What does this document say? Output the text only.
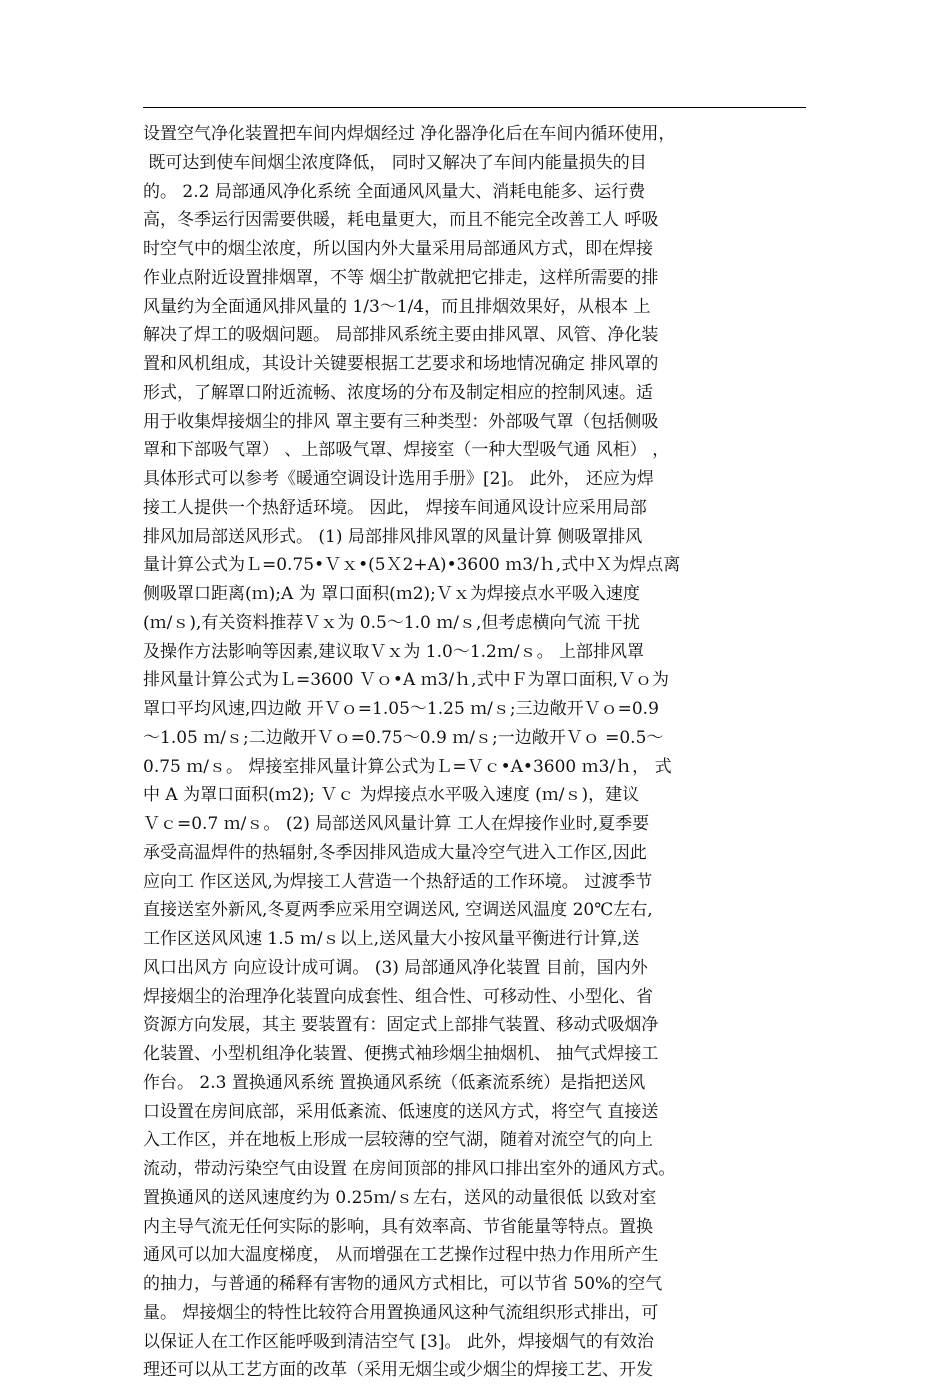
设置空气净化装置把车间内焊烟经过 净化器净化后在车间内循环使用，
既可达到使车间烟尘浓度降低， 同时又解决了车间内能量损失的目
的。 2.2 局部通风净化系统 全面通风风量大、消耗电能多、运行费
高，冬季运行因需要供暖，耗电量更大，而且不能完全改善工人 呼吸
时空气中的烟尘浓度，所以国内外大量采用局部通风方式，即在焊接
作业点附近设置排烟罩，不等 烟尘扩散就把它排走，这样所需要的排
风量约为全面通风排风量的 1/3～1/4，而且排烟效果好，从根本 上
解决了焊工的吸烟问题。 局部排风系统主要由排风罩、风管、净化装
置和风机组成，其设计关键要根据工艺要求和场地情况确定 排风罩的
形式，了解罩口附近流畅、浓度场的分布及制定相应的控制风速。适
用于收集焊接烟尘的排风 罩主要有三种类型：外部吸气罩（包括侧吸
罩和下部吸气罩） 、上部吸气罩、焊接室（一种大型吸气通 风柜） ，
具体形式可以参考《暖通空调设计选用手册》[2]。 此外， 还应为焊
接工人提供一个热舒适环境。 因此， 焊接车间通风设计应采用局部
排风加局部送风形式。 (1) 局部排风排风罩的风量计算 侧吸罩排风
量计算公式为Ｌ=0.75•Ｖｘ•(5Ｘ2+A)•3600 ｍ3/ｈ,式中Ｘ为焊点离
侧吸罩口距离(ｍ);A 为 罩口面积(ｍ2);Ｖｘ为焊接点水平吸入速度
(ｍ/ｓ),有关资料推荐Ｖｘ为 0.5～1.0 ｍ/ｓ,但考虑横向气流 干扰
及操作方法影响等因素,建议取Ｖｘ为 1.0～1.2ｍ/ｓ。 上部排风罩
排风量计算公式为Ｌ=3600 Ｖｏ•A ｍ3/ｈ,式中Ｆ为罩口面积,Ｖｏ为
罩口平均风速,四边敞 开Ｖｏ=1.05～1.25 ｍ/ｓ;三边敞开Ｖｏ=0.9
～1.05 ｍ/ｓ;二边敞开Ｖｏ=0.75～0.9 ｍ/ｓ;一边敞开Ｖｏ =0.5～
0.75 ｍ/ｓ。 焊接室排风量计算公式为Ｌ=Ｖｃ•A•3600 ｍ3/ｈ， 式
中 A 为罩口面积(ｍ2); Ｖｃ 为焊接点水平吸入速度 (ｍ/ｓ)，建议
Ｖｃ=0.7 ｍ/ｓ。 (2) 局部送风风量计算 工人在焊接作业时,夏季要
承受高温焊件的热辐射,冬季因排风造成大量冷空气进入工作区,因此
应向工 作区送风,为焊接工人营造一个热舒适的工作环境。 过渡季节
直接送室外新风,冬夏两季应采用空调送风, 空调送风温度 20℃左右,
工作区送风风速 1.5 ｍ/ｓ以上,送风量大小按风量平衡进行计算,送
风口出风方 向应设计成可调。 (3) 局部通风净化装置 目前，国内外
焊接烟尘的治理净化装置向成套性、组合性、可移动性、小型化、省
资源方向发展，其主 要装置有：固定式上部排气装置、移动式吸烟净
化装置、小型机组净化装置、便携式袖珍烟尘抽烟机、 抽气式焊接工
作台。 2.3 置换通风系统 置换通风系统（低紊流系统）是指把送风
口设置在房间底部，采用低紊流、低速度的送风方式，将空气 直接送
入工作区，并在地板上形成一层较薄的空气湖，随着对流空气的向上
流动，带动污染空气由设置 在房间顶部的排风口排出室外的通风方式。
置换通风的送风速度约为 0.25ｍ/ｓ左右，送风的动量很低 以致对室
内主导气流无任何实际的影响，具有效率高、节省能量等特点。置换
通风可以加大温度梯度， 从而增强在工艺操作过程中热力作用所产生
的抽力，与普通的稀释有害物的通风方式相比，可以节省 50%的空气
量。 焊接烟尘的特性比较符合用置换通风这种气流组织形式排出，可
以保证人在工作区能呼吸到清洁空气 [3]。 此外，焊接烟气的有效治
理还可以从工艺方面的改革（采用无烟尘或少烟尘的焊接工艺、开发
